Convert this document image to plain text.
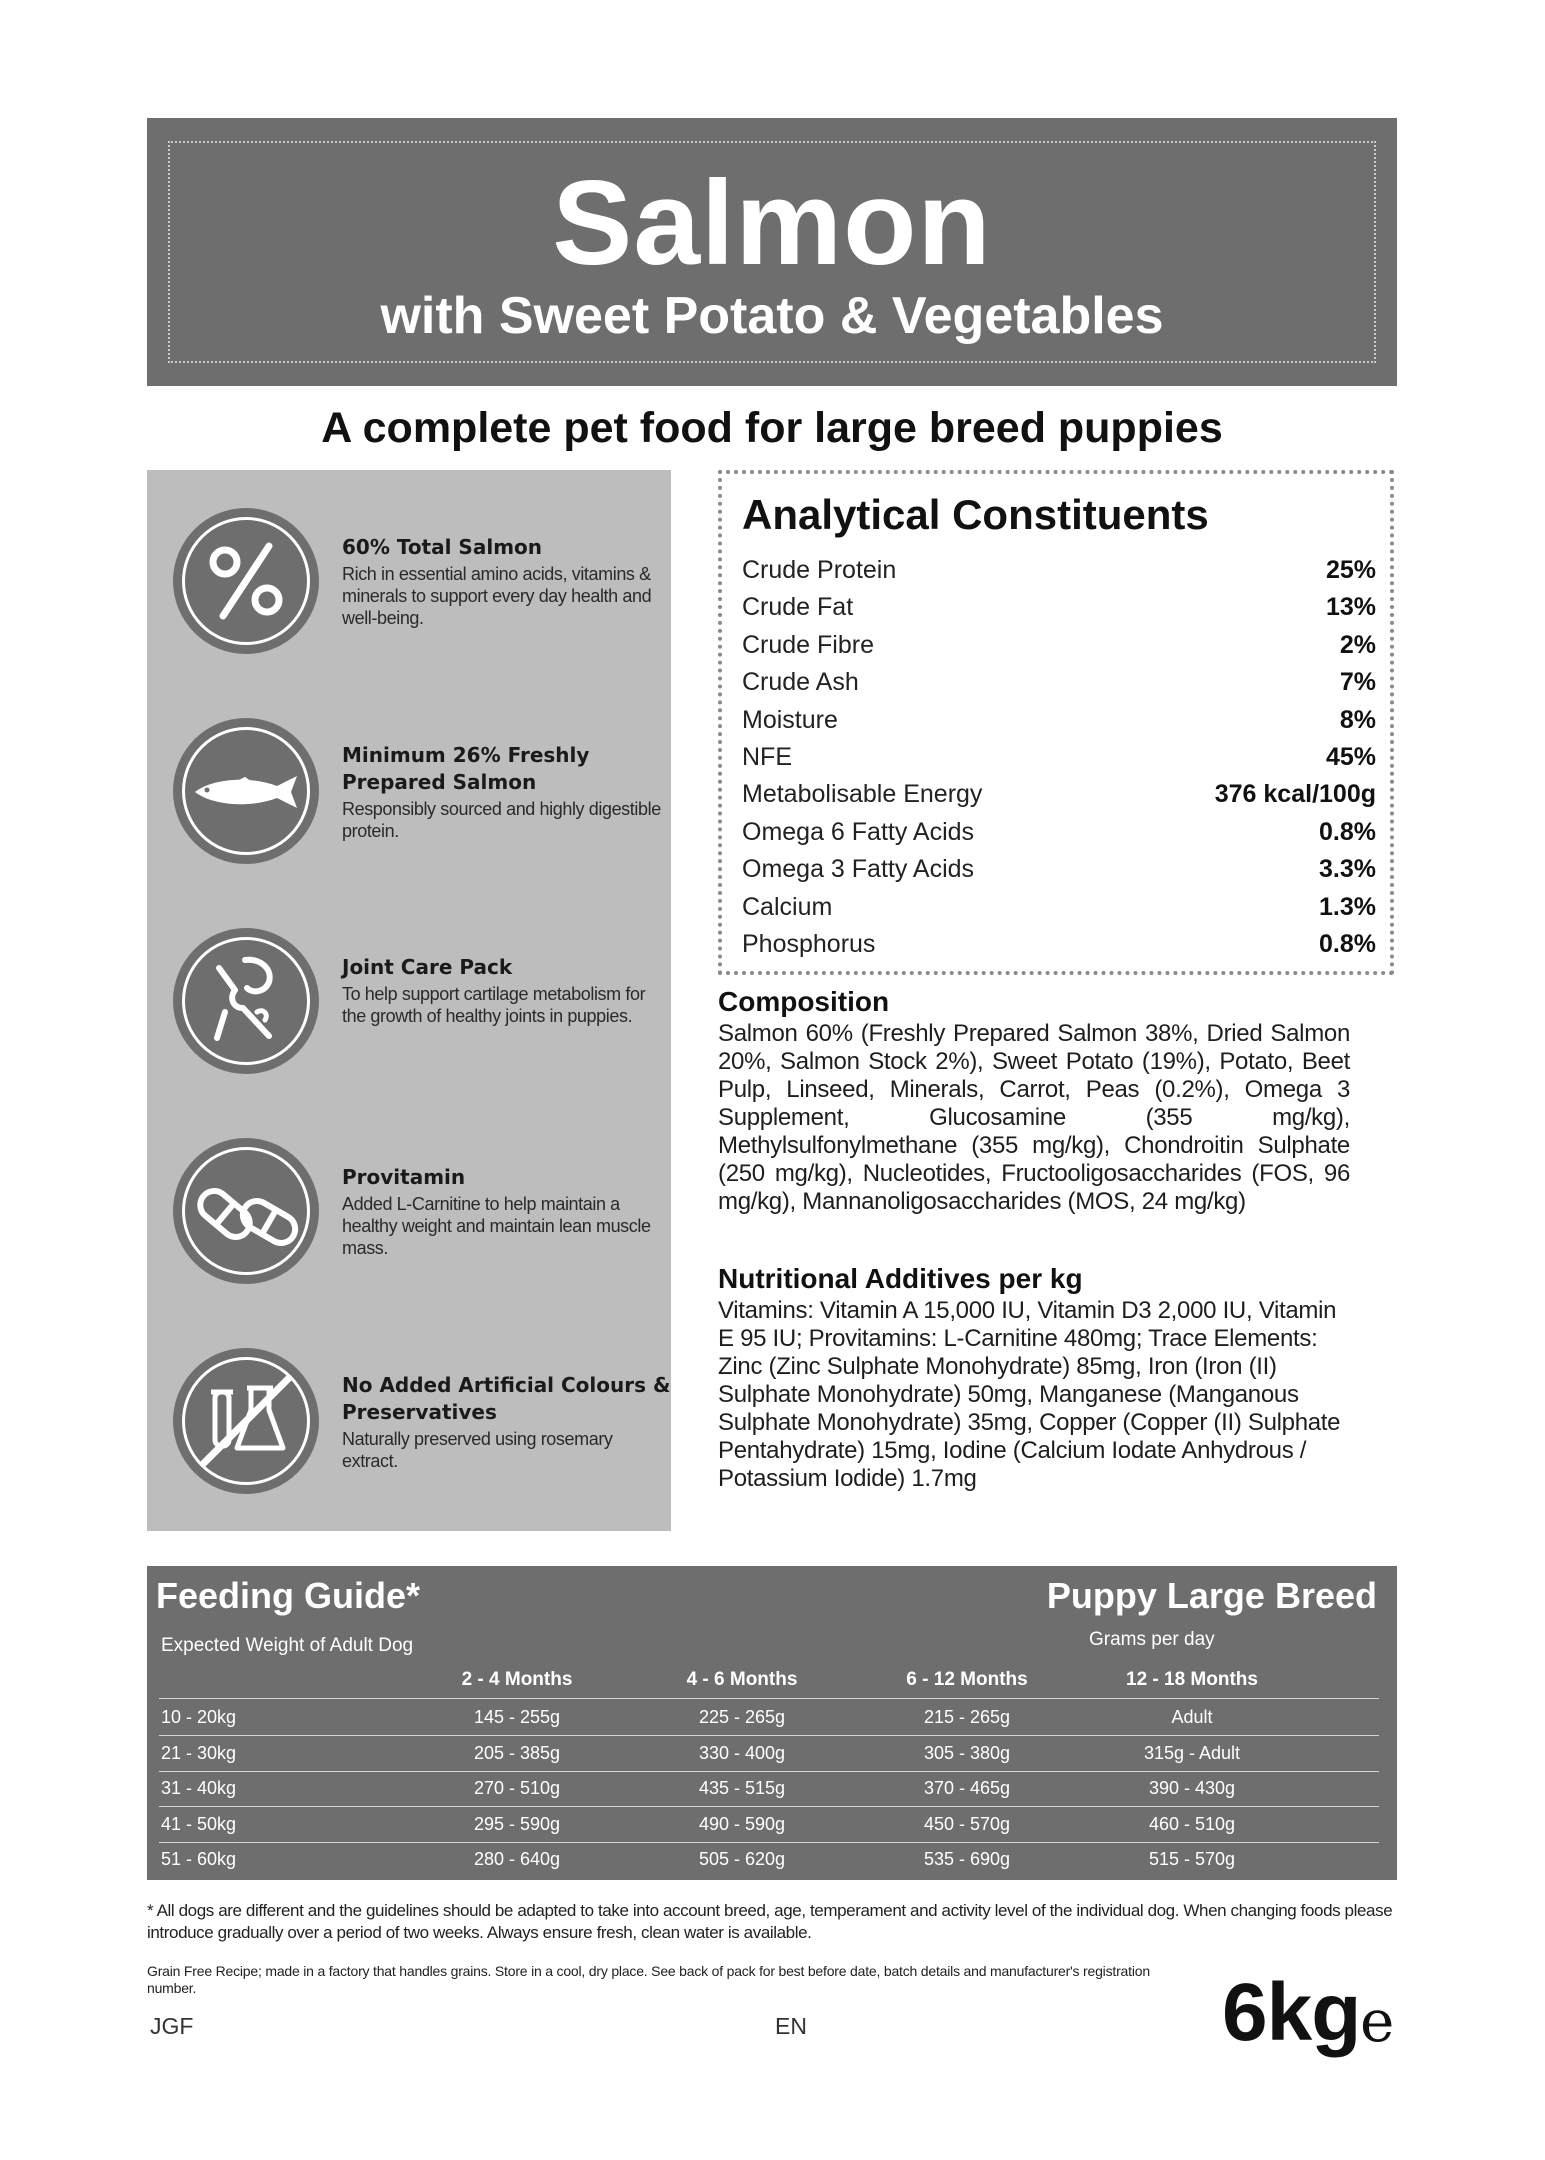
Salmon
with Sweet Potato & Vegetables
A complete pet food for large breed puppies
60% Total Salmon
Rich in essential amino acids, vitamins & minerals to support every day health and well-being.
Minimum 26% Freshly Prepared Salmon
Responsibly sourced and highly digestible protein.
Joint Care Pack
To help support cartilage metabolism for the growth of healthy joints in puppies.
Provitamin
Added L-Carnitine to help maintain a healthy weight and maintain lean muscle mass.
No Added Artificial Colours & Preservatives
Naturally preserved using rosemary extract.
Analytical Constituents
Crude Protein	25%
Crude Fat	13%
Crude Fibre	2%
Crude Ash	7%
Moisture	8%
NFE	45%
Metabolisable Energy	376 kcal/100g
Omega 6 Fatty Acids	0.8%
Omega 3 Fatty Acids	3.3%
Calcium	1.3%
Phosphorus	0.8%
Composition
Salmon 60% (Freshly Prepared Salmon 38%, Dried Salmon 20%, Salmon Stock 2%), Sweet Potato (19%), Potato, Beet Pulp, Linseed, Minerals, Carrot, Peas (0.2%), Omega 3 Supplement, Glucosamine (355 mg/kg), Methylsulfonylmethane (355 mg/kg), Chondroitin Sulphate (250 mg/kg), Nucleotides, Fructooligosaccharides (FOS, 96 mg/kg), Mannanoligosaccharides (MOS, 24 mg/kg)
Nutritional Additives per kg
Vitamins: Vitamin A 15,000 IU, Vitamin D3 2,000 IU, Vitamin E 95 IU; Provitamins: L-Carnitine 480mg; Trace Elements: Zinc (Zinc Sulphate Monohydrate) 85mg, Iron (Iron (II) Sulphate Monohydrate) 50mg, Manganese (Manganous Sulphate Monohydrate) 35mg, Copper (Copper (II) Sulphate Pentahydrate) 15mg, Iodine (Calcium Iodate Anhydrous / Potassium Iodide) 1.7mg
Feeding Guide*	Puppy Large Breed
Expected Weight of Adult Dog	Grams per day
2 - 4 Months	4 - 6 Months	6 - 12 Months	12 - 18 Months
10 - 20kg	145 - 255g	225 - 265g	215 - 265g	Adult
21 - 30kg	205 - 385g	330 - 400g	305 - 380g	315g - Adult
31 - 40kg	270 - 510g	435 - 515g	370 - 465g	390 - 430g
41 - 50kg	295 - 590g	490 - 590g	450 - 570g	460 - 510g
51 - 60kg	280 - 640g	505 - 620g	535 - 690g	515 - 570g
* All dogs are different and the guidelines should be adapted to take into account breed, age, temperament and activity level of the individual dog. When changing foods please introduce gradually over a period of two weeks. Always ensure fresh, clean water is available.
Grain Free Recipe; made in a factory that handles grains. Store in a cool, dry place. See back of pack for best before date, batch details and manufacturer's registration number.
JGF	EN	6kg e
